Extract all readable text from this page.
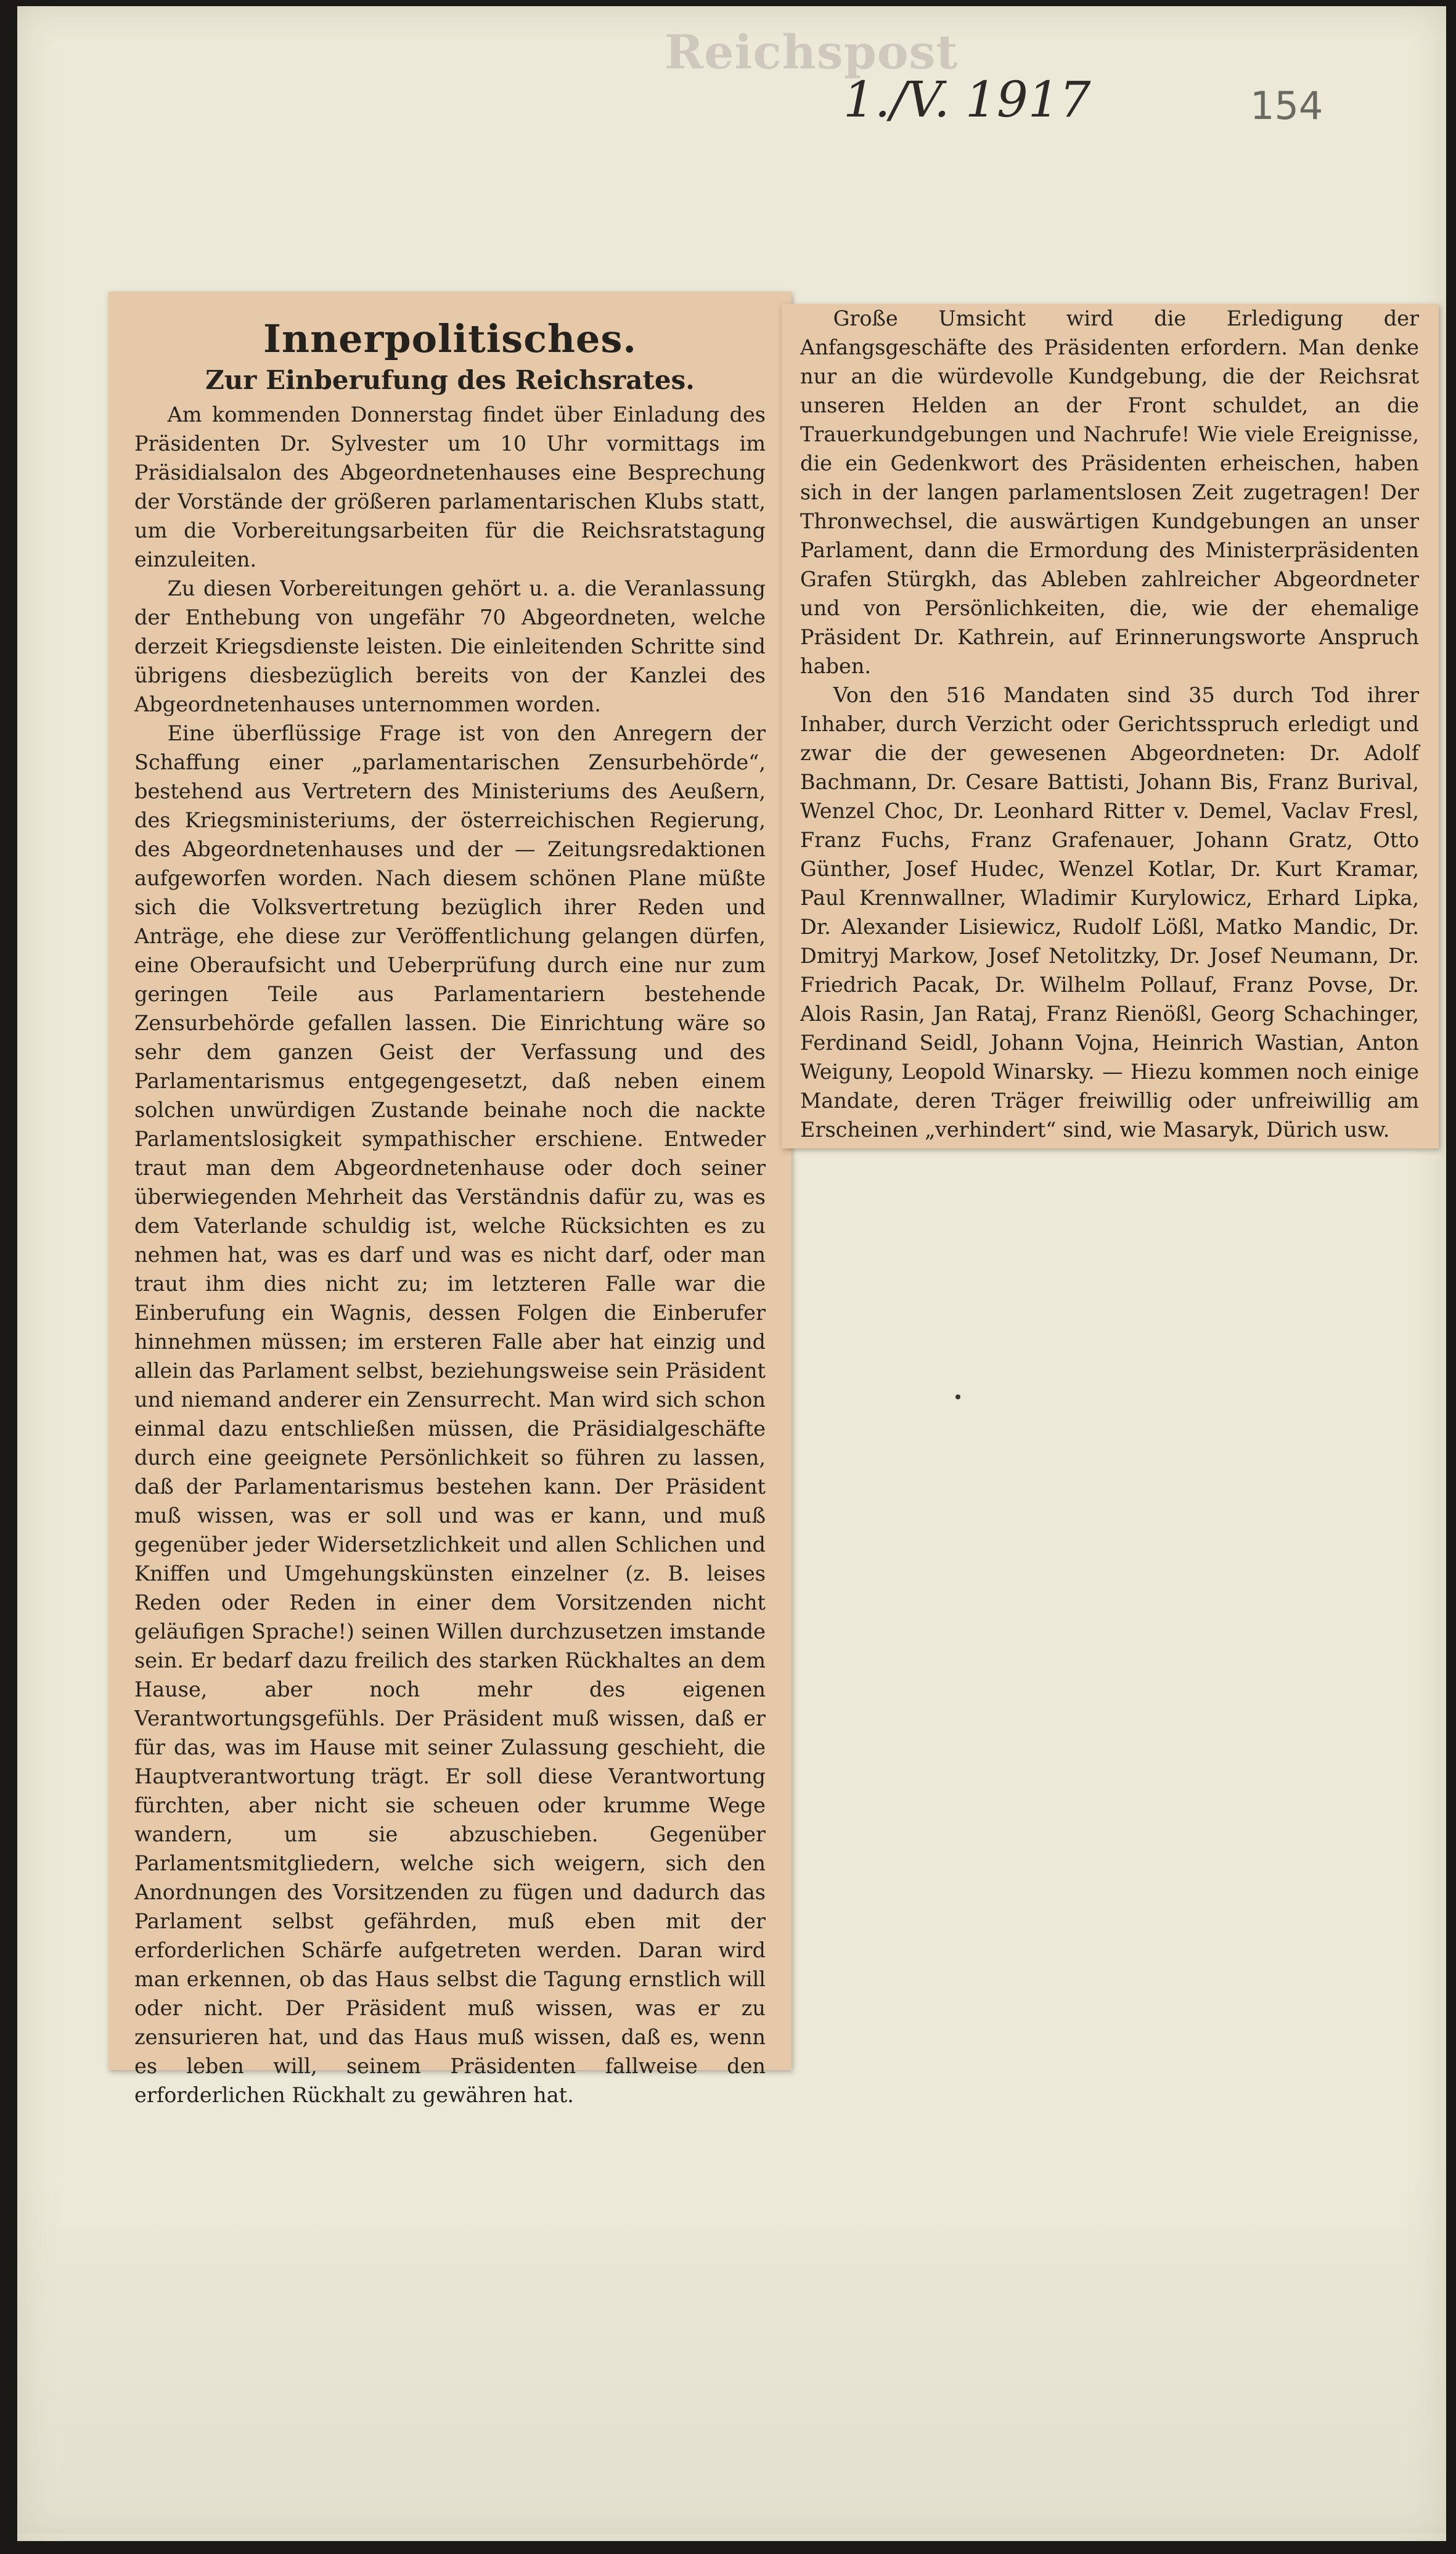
Reichspost
1./V. 1917	154
Innerpolitisches.
Zur Einberufung des Reichsrates.

Am kommenden Donnerstag findet über Einladung des Präsidenten Dr. Sylvester um 10 Uhr vormittags im Präsidialsalon des Abgeordnetenhauses eine Besprechung der Vorstände der größeren parlamentarischen Klubs statt, um die Vorbereitungsarbeiten für die Reichsratstagung einzuleiten.

Zu diesen Vorbereitungen gehört u. a. die Veranlassung der Enthebung von ungefähr 70 Abgeordneten, welche derzeit Kriegsdienste leisten. Die einleitenden Schritte sind übrigens diesbezüglich bereits von der Kanzlei des Abgeordnetenhauses unternommen worden.

Eine überflüssige Frage ist von den Anregern der Schaffung einer „parlamentarischen Zensurbehörde“, bestehend aus Vertretern des Ministeriums des Aeußern, des Kriegsministeriums, der österreichischen Regierung, des Abgeordnetenhauses und der — Zeitungsredaktionen aufgeworfen worden. Nach diesem schönen Plane müßte sich die Volksvertretung bezüglich ihrer Reden und Anträge, ehe diese zur Veröffentlichung gelangen dürfen, eine Oberaufsicht und Ueberprüfung durch eine nur zum geringen Teile aus Parlamentariern bestehende Zensurbehörde gefallen lassen. Die Einrichtung wäre so sehr dem ganzen Geist der Verfassung und des Parlamentarismus entgegengesetzt, daß neben einem solchen unwürdigen Zustande beinahe noch die nackte Parlamentslosigkeit sympathischer erschiene. Entweder traut man dem Abgeordnetenhause oder doch seiner überwiegenden Mehrheit das Verständnis dafür zu, was es dem Vaterlande schuldig ist, welche Rücksichten es zu nehmen hat, was es darf und was es nicht darf, oder man traut ihm dies nicht zu; im letzteren Falle war die Einberufung ein Wagnis, dessen Folgen die Einberufer hinnehmen müssen; im ersteren Falle aber hat einzig und allein das Parlament selbst, beziehungsweise sein Präsident und niemand anderer ein Zensurrecht. Man wird sich schon einmal dazu entschließen müssen, die Präsidialgeschäfte durch eine geeignete Persönlichkeit so führen zu lassen, daß der Parlamentarismus bestehen kann. Der Präsident muß wissen, was er soll und was er kann, und muß gegenüber jeder Widersetzlichkeit und allen Schlichen und Kniffen und Umgehungskünsten einzelner (z. B. leises Reden oder Reden in einer dem Vorsitzenden nicht geläufigen Sprache!) seinen Willen durchzusetzen imstande sein. Er bedarf dazu freilich des starken Rückhaltes an dem Hause, aber noch mehr des eigenen Verantwortungsgefühls. Der Präsident muß wissen, daß er für das, was im Hause mit seiner Zulassung geschieht, die Hauptverantwortung trägt. Er soll diese Verantwortung fürchten, aber nicht sie scheuen oder krumme Wege wandern, um sie abzuschieben. Gegenüber Parlamentsmitgliedern, welche sich weigern, sich den Anordnungen des Vorsitzenden zu fügen und dadurch das Parlament selbst gefährden, muß eben mit der erforderlichen Schärfe aufgetreten werden. Daran wird man erkennen, ob das Haus selbst die Tagung ernstlich will oder nicht. Der Präsident muß wissen, was er zu zensurieren hat, und das Haus muß wissen, daß es, wenn es leben will, seinem Präsidenten fallweise den erforderlichen Rückhalt zu gewähren hat.

Große Umsicht wird die Erledigung der Anfangsgeschäfte des Präsidenten erfordern. Man denke nur an die würdevolle Kundgebung, die der Reichsrat unseren Helden an der Front schuldet, an die Trauerkundgebungen und Nachrufe! Wie viele Ereignisse, die ein Gedenkwort des Präsidenten erheischen, haben sich in der langen parlamentslosen Zeit zugetragen! Der Thronwechsel, die auswärtigen Kundgebungen an unser Parlament, dann die Ermordung des Ministerpräsidenten Grafen Stürgkh, das Ableben zahlreicher Abgeordneter und von Persönlichkeiten, die, wie der ehemalige Präsident Dr. Kathrein, auf Erinnerungsworte Anspruch haben.

Von den 516 Mandaten sind 35 durch Tod ihrer Inhaber, durch Verzicht oder Gerichtsspruch erledigt und zwar die der gewesenen Abgeordneten: Dr. Adolf Bachmann, Dr. Cesare Battisti, Johann Bis, Franz Burival, Wenzel Choc, Dr. Leonhard Ritter v. Demel, Vaclav Fresl, Franz Fuchs, Franz Grafenauer, Johann Gratz, Otto Günther, Josef Hudec, Wenzel Kotlar, Dr. Kurt Kramar, Paul Krennwallner, Wladimir Kurylowicz, Erhard Lipka, Dr. Alexander Lisiewicz, Rudolf Lößl, Matko Mandic, Dr. Dmitryj Markow, Josef Netolitzky, Dr. Josef Neumann, Dr. Friedrich Pacak, Dr. Wilhelm Pollauf, Franz Povse, Dr. Alois Rasin, Jan Rataj, Franz Rienößl, Georg Schachinger, Ferdinand Seidl, Johann Vojna, Heinrich Wastian, Anton Weiguny, Leopold Winarsky. — Hiezu kommen noch einige Mandate, deren Träger freiwillig oder unfreiwillig am Erscheinen „verhindert“ sind, wie Masaryk, Dürich usw.
